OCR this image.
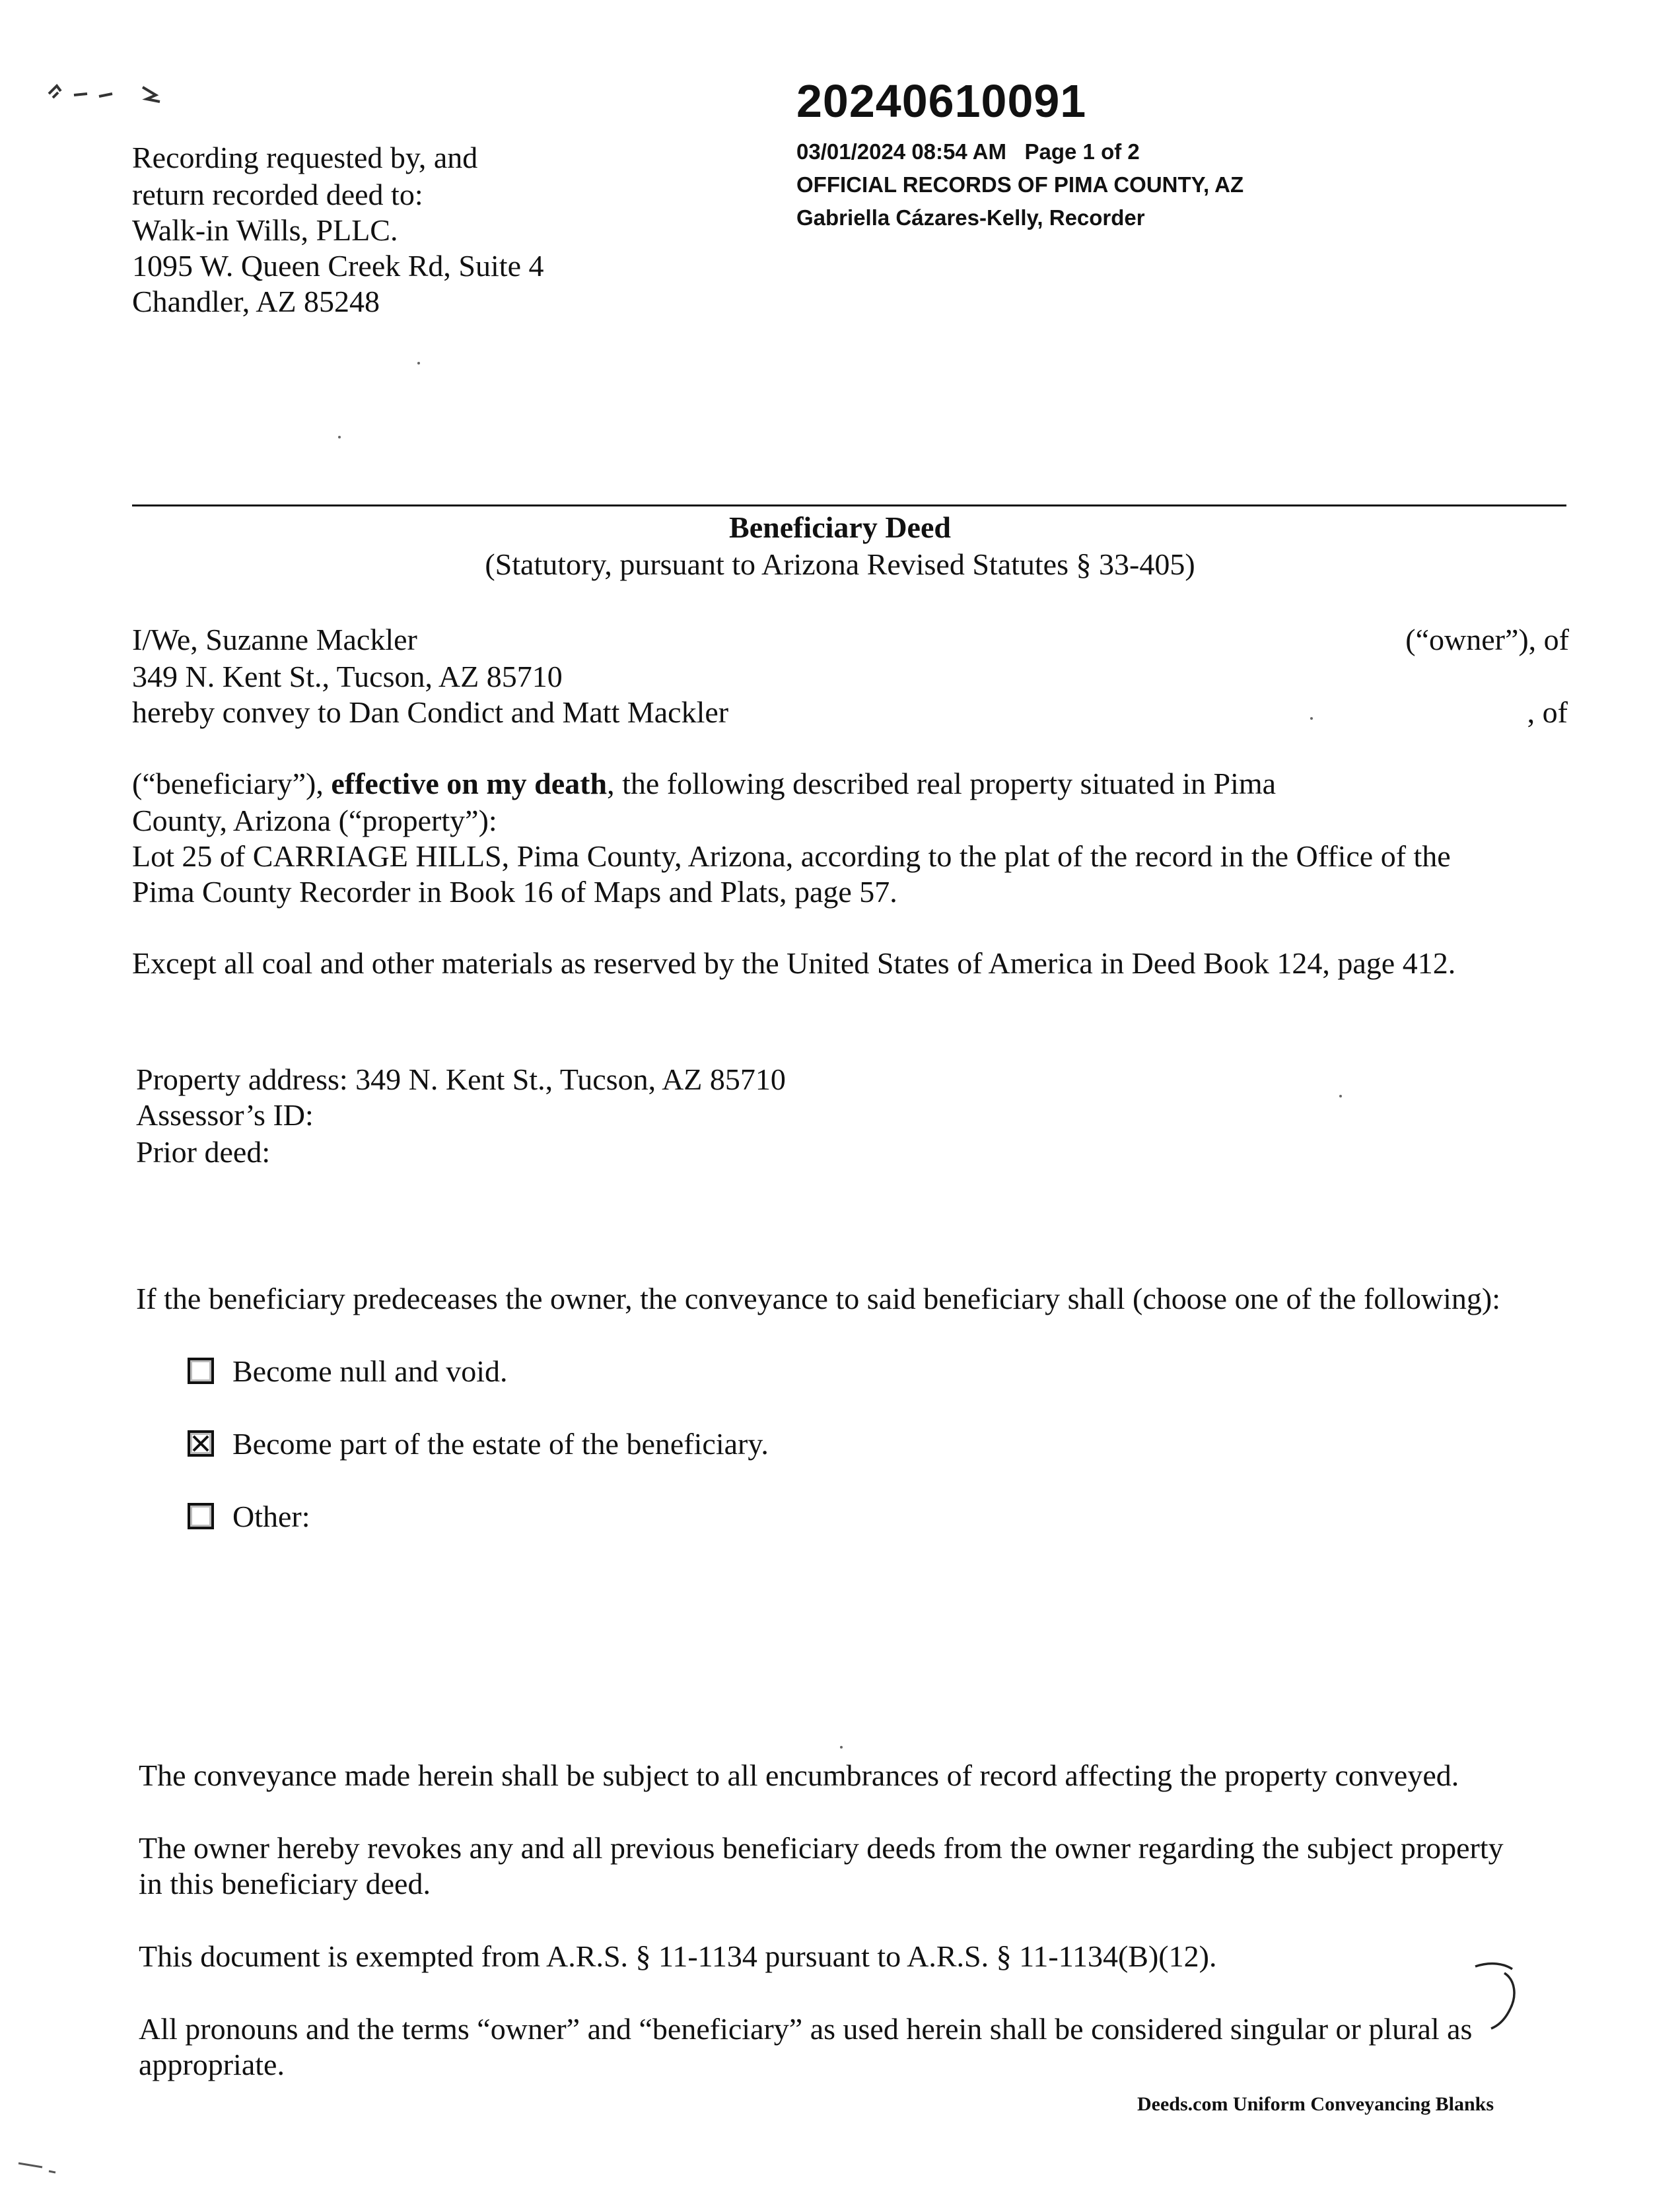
Recording requested by, and

return recorded deed to:

Walk-in Wills, PLLC.

1095 W. Queen Creek Rd, Suite 4

Chandler, AZ 85248

20240610091

03/01/2024 08:54 AM Page 1 of 2

OFFICIAL RECORDS OF PIMA COUNTY, AZ

Gabriella Cázares-Kelly, Recorder

Beneficiary Deed

(Statutory, pursuant to Arizona Revised Statutes § 33-405)

I/We, Suzanne Mackler	(“owner”), of

349 N. Kent St., Tucson, AZ 85710

hereby convey to Dan Condict and Matt Mackler	, of

(“beneficiary”), effective on my death, the following described real property situated in Pima

County, Arizona (“property”):

Lot 25 of CARRIAGE HILLS, Pima County, Arizona, according to the plat of the record in the Office of the

Pima County Recorder in Book 16 of Maps and Plats, page 57.

Except all coal and other materials as reserved by the United States of America in Deed Book 124, page 412.

Property address: 349 N. Kent St., Tucson, AZ 85710

Assessor’s ID:

Prior deed:

If the beneficiary predeceases the owner, the conveyance to said beneficiary shall (choose one of the following):

Become null and void.

Become part of the estate of the beneficiary.

Other:

The conveyance made herein shall be subject to all encumbrances of record affecting the property conveyed.

The owner hereby revokes any and all previous beneficiary deeds from the owner regarding the subject property

in this beneficiary deed.

This document is exempted from A.R.S. § 11-1134 pursuant to A.R.S. § 11-1134(B)(12).

All pronouns and the terms “owner” and “beneficiary” as used herein shall be considered singular or plural as

appropriate.

Deeds.com Uniform Conveyancing Blanks
